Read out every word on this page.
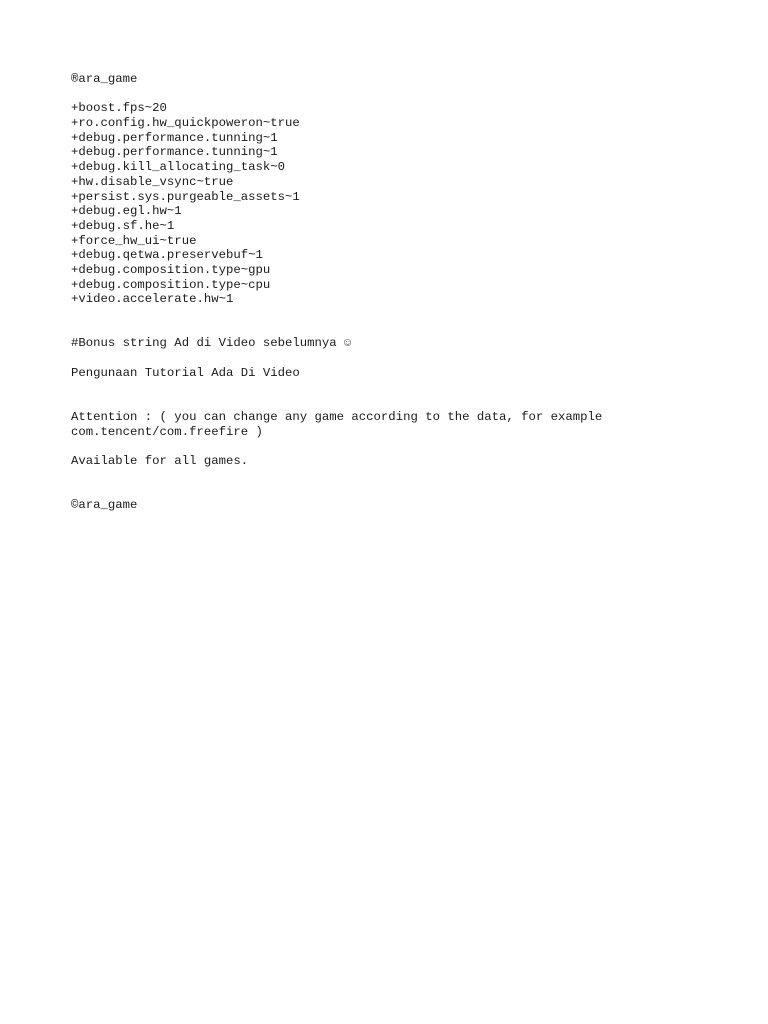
®ara_game
+boost.fps~20
+ro.config.hw_quickpoweron~true
+debug.performance.tunning~1
+debug.performance.tunning~1
+debug.kill_allocating_task~0
+hw.disable_vsync~true
+persist.sys.purgeable_assets~1
+debug.egl.hw~1
+debug.sf.he~1
+force_hw_ui~true
+debug.qetwa.preservebuf~1
+debug.composition.type~gpu
+debug.composition.type~cpu
+video.accelerate.hw~1
#Bonus string Ad di Video sebelumnya ☺
Pengunaan Tutorial Ada Di Video
Attention : ( you can change any game according to the data, for example
com.tencent/com.freefire )
Available for all games.
©ara_game
